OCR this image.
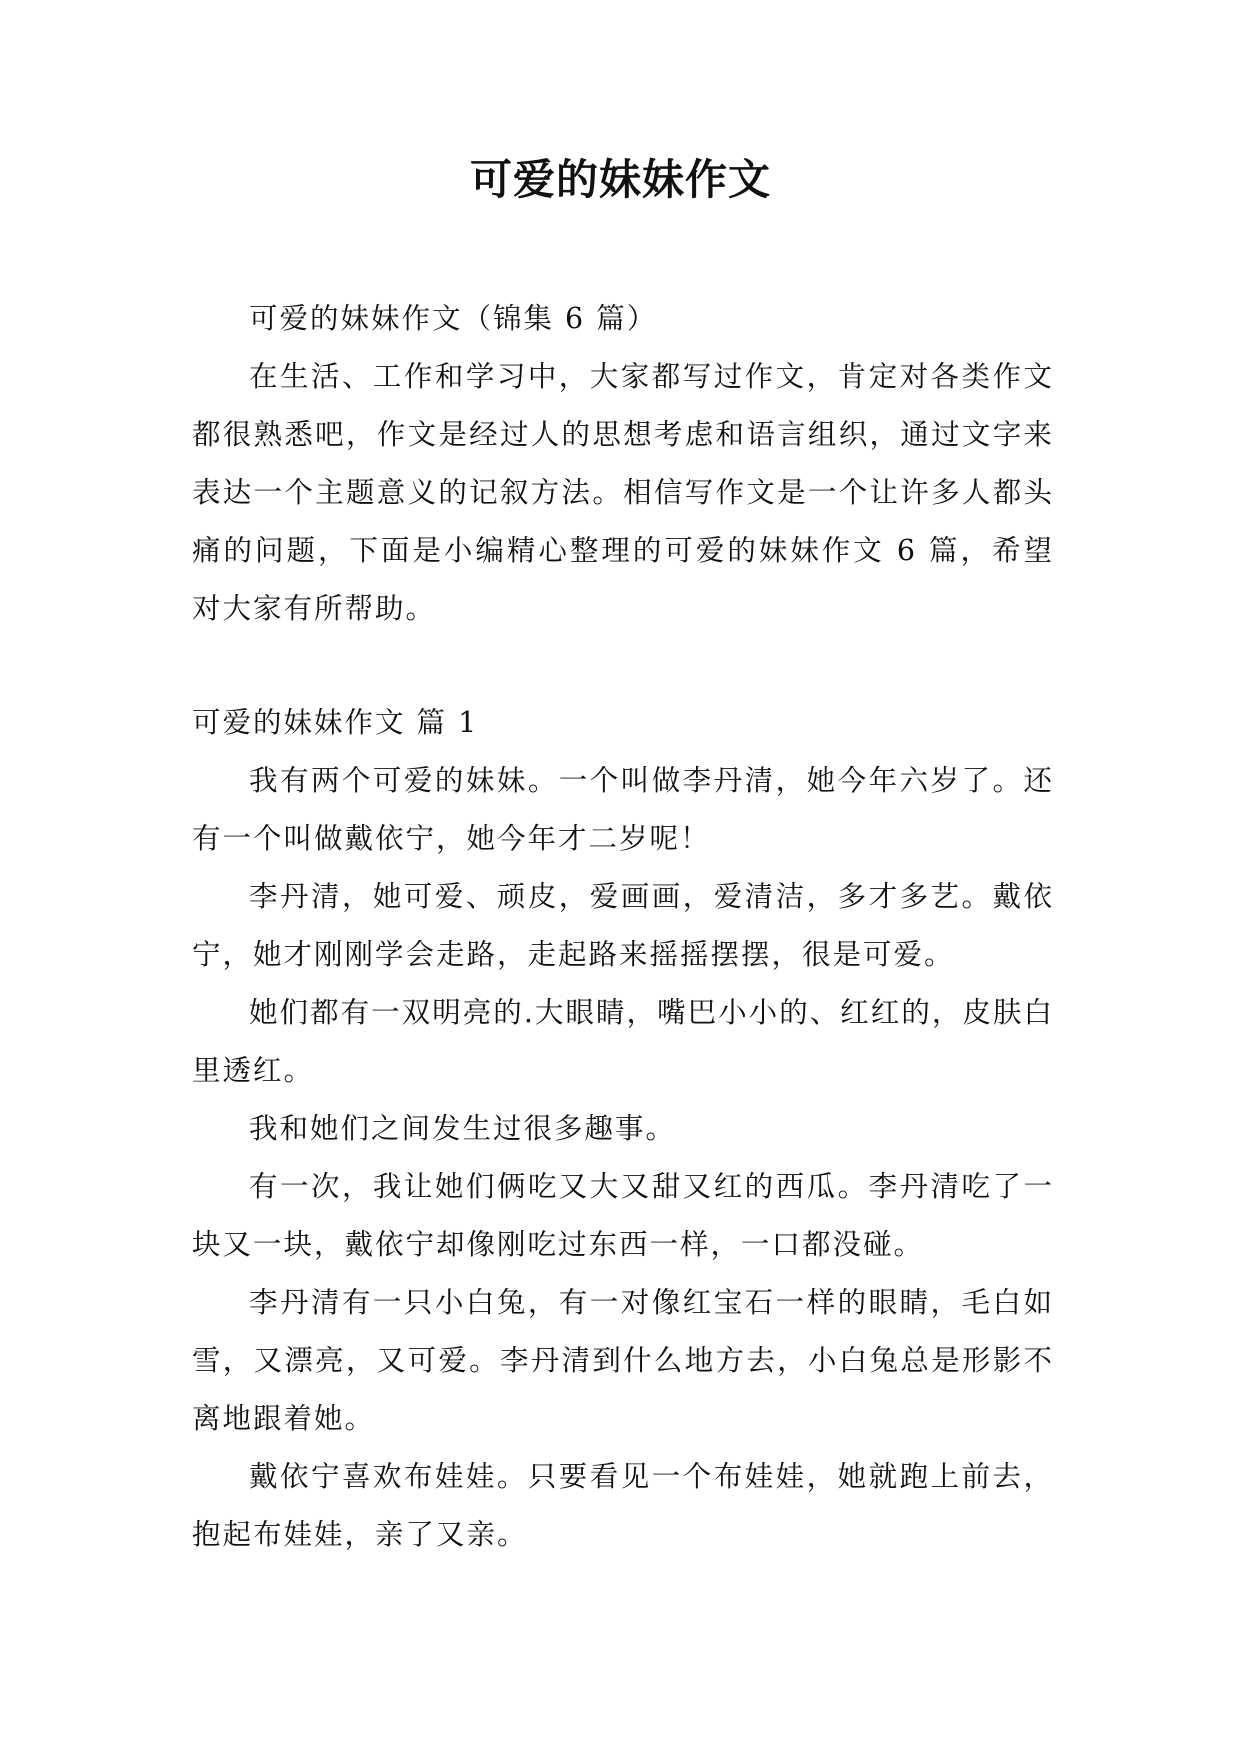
可爱的妹妹作文

可爱的妹妹作文（锦集 6 篇）

在生活、工作和学习中，大家都写过作文，肯定对各类作文都很熟悉吧，作文是经过人的思想考虑和语言组织，通过文字来表达一个主题意义的记叙方法。相信写作文是一个让许多人都头痛的问题，下面是小编精心整理的可爱的妹妹作文 6 篇，希望对大家有所帮助。

可爱的妹妹作文 篇 1

我有两个可爱的妹妹。一个叫做李丹清，她今年六岁了。还有一个叫做戴依宁，她今年才二岁呢！

李丹清，她可爱、顽皮，爱画画，爱清洁，多才多艺。戴依宁，她才刚刚学会走路，走起路来摇摇摆摆，很是可爱。

她们都有一双明亮的.大眼睛，嘴巴小小的、红红的，皮肤白里透红。

我和她们之间发生过很多趣事。

有一次，我让她们俩吃又大又甜又红的西瓜。李丹清吃了一块又一块，戴依宁却像刚吃过东西一样，一口都没碰。

李丹清有一只小白兔，有一对像红宝石一样的眼睛，毛白如雪，又漂亮，又可爱。李丹清到什么地方去，小白兔总是形影不离地跟着她。

戴依宁喜欢布娃娃。只要看见一个布娃娃，她就跑上前去，抱起布娃娃，亲了又亲。
